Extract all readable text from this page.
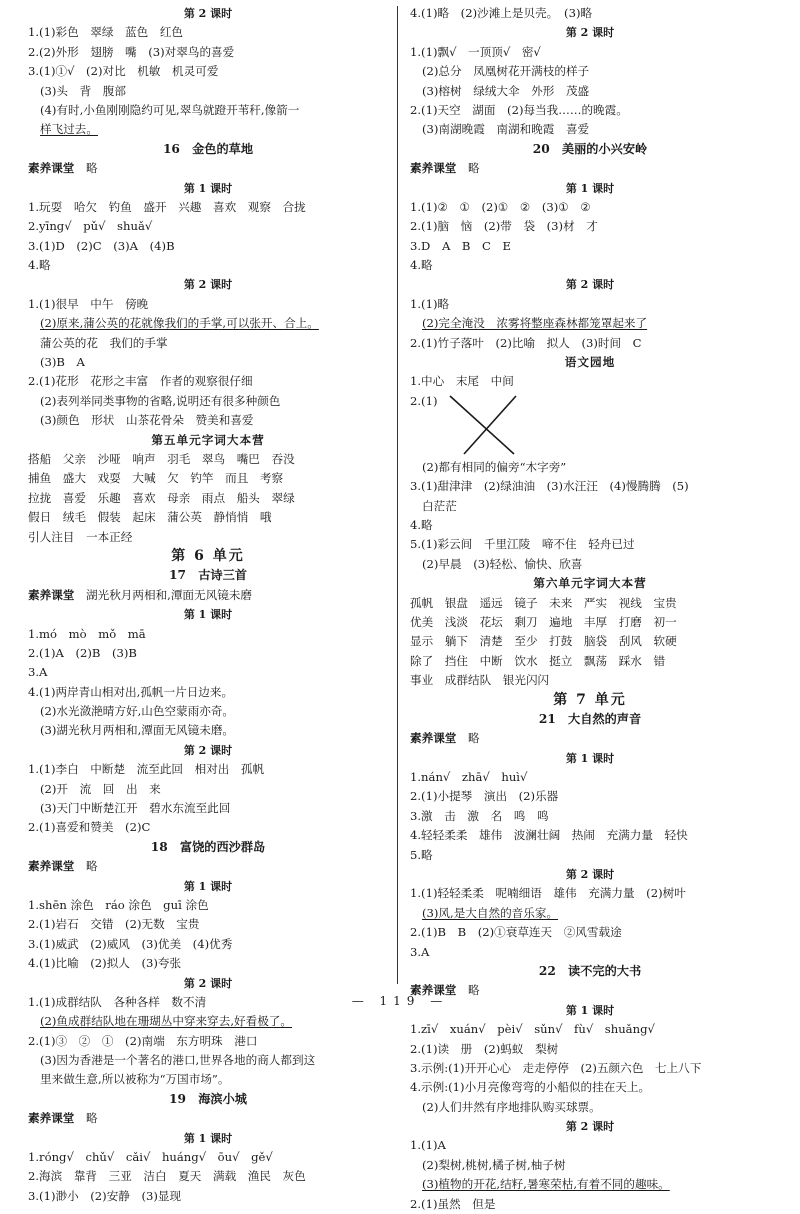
第 2 课时
1.(1)彩色　翠绿　蓝色　红色
2.(2)外形　翅膀　嘴　(3)对翠鸟的喜爱
3.(1)①√　(2)对比　机敏　机灵可爱
(3)头　背　腹部
(4)有时,小鱼刚刚隐约可见,翠鸟就蹬开苇秆,像箭一
样飞过去。
16　金色的草地
素养课堂　 略
第 1 课时
1.玩耍　哈欠　钓鱼　盛开　兴趣　喜欢　观察　合拢
2.yīng√　pǔ√　shuǎ√
3.(1)D　(2)C　(3)A　(4)B
4.略
第 2 课时
1.(1)很早　中午　傍晚
(2)原来,蒲公英的花就像我们的手掌,可以张开、合上。
蒲公英的花　我们的手掌
(3)B　A
2.(1)花形　花形之丰富　作者的观察很仔细
(2)表列举同类事物的省略,说明还有很多种颜色
(3)颜色　形状　山茶花骨朵　赞美和喜爱
第五单元字词大本营
搭船　父亲　沙哑　响声　羽毛　翠鸟　嘴巴　吞没
捕鱼　盛大　戏耍　大喊　欠　钓竿　而且　考察
拉拢　喜爱　乐趣　喜欢　母亲　雨点　船头　翠绿
假日　绒毛　假装　起床　蒲公英　静悄悄　哦
引人注目　一本正经
第 6 单元
17　古诗三首
素养课堂　 湖光秋月两相和,潭面无风镜未磨
第 1 课时
1.mó　mò　mǒ　mā
2.(1)A　(2)B　(3)B
3.A
4.(1)两岸青山相对出,孤帆一片日边来。
(2)水光潋滟晴方好,山色空蒙雨亦奇。
(3)湖光秋月两相和,潭面无风镜未磨。
第 2 课时
1.(1)李白　中断楚　流至此回　相对出　孤帆
(2)开　流　回　出　来
(3)天门中断楚江开　碧水东流至此回
2.(1)喜爱和赞美　(2)C
18　富饶的西沙群岛
素养课堂　 略
第 1 课时
1.shēn 涂色　ráo 涂色　guī 涂色
2.(1)岩石　交错　(2)无数　宝贵
3.(1)威武　(2)威风　(3)优美　(4)优秀
4.(1)比喻　(2)拟人　(3)夸张
第 2 课时
1.(1)成群结队　各种各样　数不清
(2)鱼成群结队地在珊瑚丛中穿来穿去,好看极了。
2.(1)③　②　①　(2)南端　东方明珠　港口
(3)因为香港是一个著名的港口,世界各地的商人都到这
里来做生意,所以被称为“万国市场”。
19　海滨小城
素养课堂　 略
第 1 课时
1.róng√　chǔ√　cǎi√　huáng√　ōu√　gě√
2.海滨　靠背　三亚　洁白　夏天　满载　渔民　灰色
3.(1)渺小　(2)安静　(3)显现
4.(1)略　(2)沙滩上是贝壳。　(3)略
第 2 课时
1.(1)飘√　一顶顶√　密√
(2)总分　凤凰树花开满枝的样子
(3)榕树　绿绒大伞　外形　茂盛
2.(1)天空　湖面　(2)每当我……的晚霞。
(3)南湖晚霞　南湖和晚霞　喜爱
20　美丽的小兴安岭
素养课堂　 略
第 1 课时
1.(1)②　①　(2)①　②　(3)①　②
2.(1)脑　恼　(2)带　袋　(3)材　才
3.D　A　B　C　E
4.略
第 2 课时
1.(1)略
(2)完全淹没　浓雾将整座森林都笼罩起来了
2.(1)竹子落叶　(2)比喻　拟人　(3)时间　C
语文园地
1.中心　末尾　中间
2.(1)
(2)都有相同的偏旁“木字旁”
3.(1)甜津津　(2)绿油油　(3)水汪汪　(4)慢腾腾　(5)
白茫茫
4.略
5.(1)彩云间　千里江陵　啼不住　轻舟已过
(2)早晨　(3)轻松、愉快、欣喜
第六单元字词大本营
孤帆　银盘　遥远　镜子　未来　严实　视线　宝贵
优美　浅淡　花坛　剩刀　遍地　丰厚　打磨　初一
显示　躺下　清楚　至少　打鼓　脑袋　刮风　软硬
除了　挡住　中断　饮水　挺立　飘荡　踩水　错
事业　成群结队　银光闪闪
第 7 单元
21　大自然的声音
素养课堂　 略
第 1 课时
1.nán√　zhā√　huì√
2.(1)小提琴　演出　(2)乐器
3.激　击　激　名　鸣　鸣
4.轻轻柔柔　雄伟　波澜壮阔　热闹　充满力量　轻快
5.略
第 2 课时
1.(1)轻轻柔柔　呢喃细语　雄伟　充满力量　(2)树叶
(3)风,是大自然的音乐家。
2.(1)B　B　(2)①衰草连天　②风雪载途
3.A
22　读不完的大书
素养课堂　 略
第 1 课时
1.zī√　xuán√　pèi√　sǔn√　fù√　shuǎng√
2.(1)读　册　(2)蚂蚁　梨树
3.示例:(1)开开心心　走走停停　(2)五颜六色　七上八下
4.示例:(1)小月亮像弯弯的小船似的挂在天上。
(2)人们井然有序地排队购买球票。
第 2 课时
1.(1)A
(2)梨树,桃树,橘子树,柚子树
(3)植物的开花,结籽,暑寒荣枯,有着不同的趣味。
2.(1)虽然　但是
— 119 —
